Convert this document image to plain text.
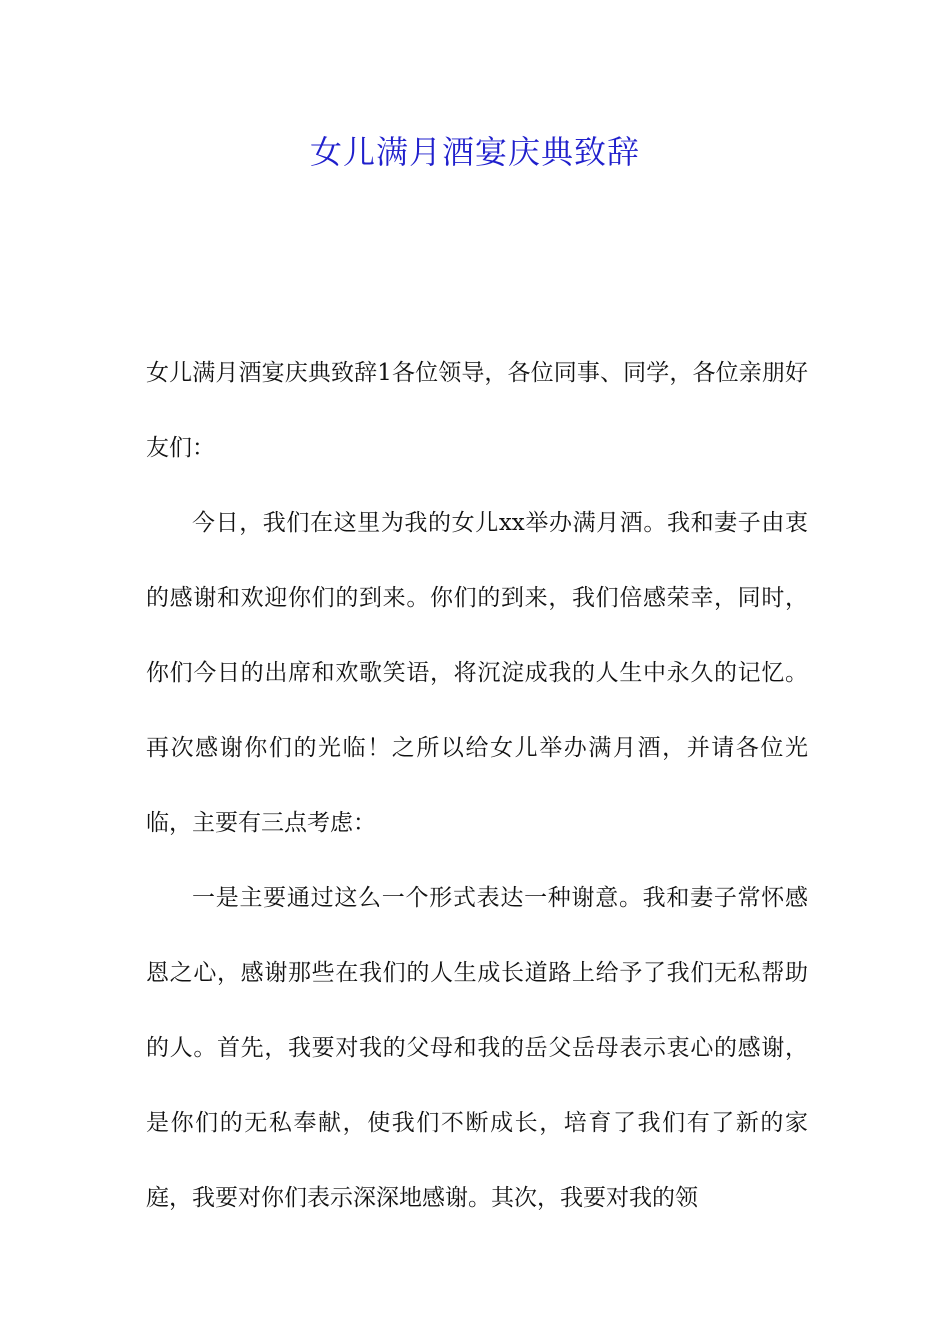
女儿满月酒宴庆典致辞

女儿满月酒宴庆典致辞1各位领导，各位同事、同学，各位亲朋好友们：

今日，我们在这里为我的女儿xx举办满月酒。我和妻子由衷的感谢和欢迎你们的到来。你们的到来，我们倍感荣幸，同时，你们今日的出席和欢歌笑语，将沉淀成我的人生中永久的记忆。再次感谢你们的光临！之所以给女儿举办满月酒，并请各位光临，主要有三点考虑：

一是主要通过这么一个形式表达一种谢意。我和妻子常怀感恩之心，感谢那些在我们的人生成长道路上给予了我们无私帮助的人。首先，我要对我的父母和我的岳父岳母表示衷心的感谢，是你们的无私奉献，使我们不断成长，培育了我们有了新的家庭，我要对你们表示深深地感谢。其次，我要对我的领
